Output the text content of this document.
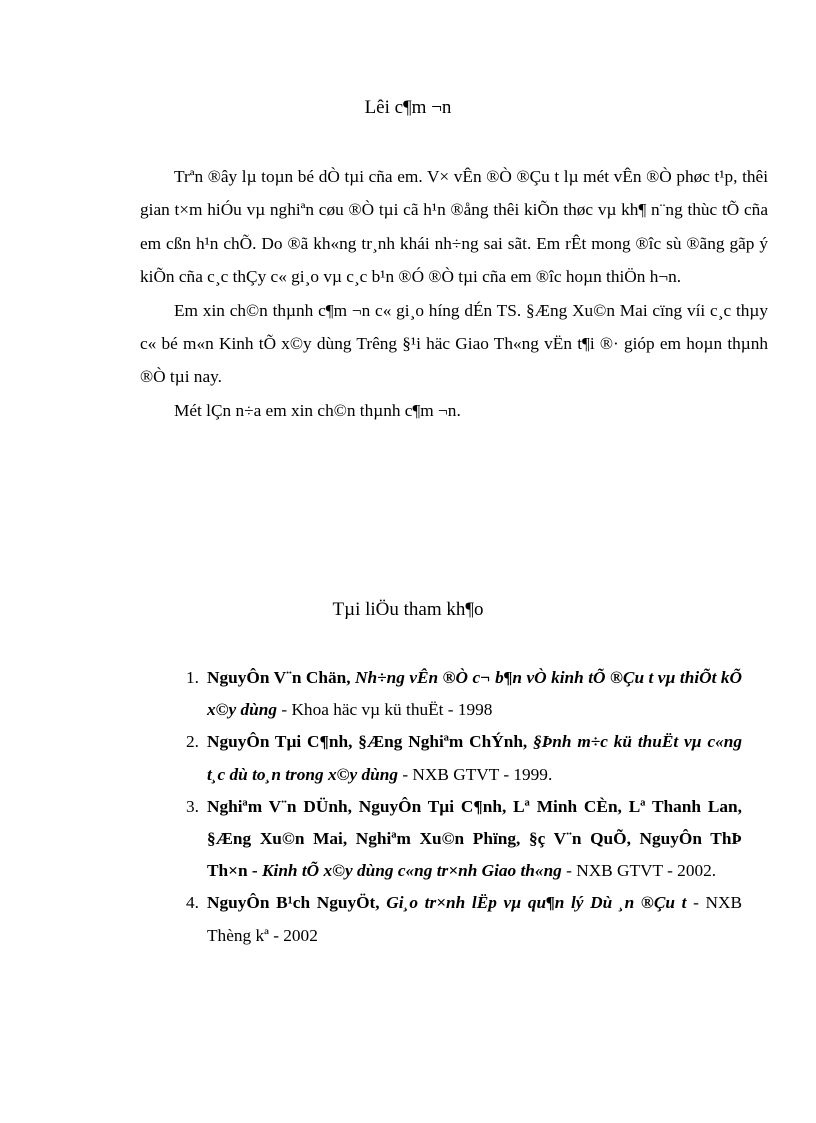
Lêi c¶m ¬n

Trªn ®ây lµ toµn bé dÒ tµi cña em. V× vÊn ®Ò ®Çu t lµ mét vÊn ®Ò phøc t¹p, thêi gian t×m hiÓu vµ nghiªn cøu ®Ò tµi cã h¹n ®ång thêi kiÕn thøc vµ kh¶ n¨ng thùc tÕ cña em cßn h¹n chÕ. Do ®ã kh«ng tr¸nh khái nh÷ng sai sãt. Em rÊt mong ®îc sù ®ãng gãp ý kiÕn cña c¸c thÇy c« gi¸o vµ c¸c b¹n ®Ó ®Ò tµi cña em ®îc hoµn thiÖn h¬n.

Em xin ch©n thµnh c¶m ¬n c« gi¸o híng dÉn TS. §Æng Xu©n Mai cïng víi c¸c thµy c« bé m«n Kinh tÕ x©y dùng Trêng §¹i häc Giao Th«ng vËn t¶i ®· gióp em hoµn thµnh ®Ò tµi nay.

Mét lÇn n÷a em xin ch©n thµnh c¶m ¬n.

Tµi liÖu tham kh¶o
1. NguyÔn V¨n Chän, Nh÷ng vÊn ®Ò c¬ b¶n vÒ kinh tÕ ®Çu t vµ thiÕt kÕ x©y dùng - Khoa häc vµ kü thuËt - 1998
2. NguyÔn Tµi C¶nh, §Æng Nghiªm ChÝnh, §Þnh m÷c kü thuËt vµ c«ng t¸c dù to¸n trong x©y dùng - NXB GTVT - 1999.
3. Nghiªm V¨n DÜnh, NguyÔn Tµi C¶nh, Lª Minh CÈn, Lª Thanh Lan, §Æng Xu©n Mai, Nghiªm Xu©n Phïng, §ç V¨n QuÕ, NguyÔn ThÞ Th×n - Kinh tÕ x©y dùng c«ng tr×nh Giao th«ng - NXB GTVT - 2002.
4. NguyÔn B¹ch NguyÖt, Gi¸o tr×nh lËp vµ qu¶n lý Dù ¸n ®Çu t - NXB Thèng kª - 2002
